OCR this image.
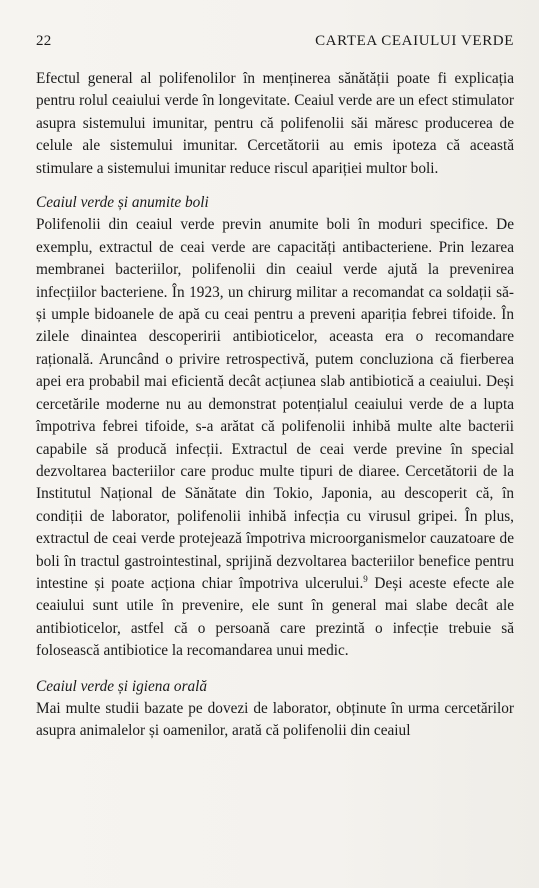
22	CARTEA CEAIULUI VERDE

Efectul general al polifenolilor în menținerea sănătății poate fi explicația pentru rolul ceaiului verde în longevitate. Ceaiul verde are un efect stimulator asupra sistemului imunitar, pentru că polifenolii săi măresc producerea de celule ale sistemului imunitar. Cercetătorii au emis ipoteza că această stimulare a sistemului imunitar reduce riscul apariției multor boli.

Ceaiul verde și anumite boli

Polifenolii din ceaiul verde previn anumite boli în moduri specifice. De exemplu, extractul de ceai verde are capacități antibacteriene. Prin lezarea membranei bacteriilor, polifenolii din ceaiul verde ajută la prevenirea infecțiilor bacteriene. În 1923, un chirurg militar a recomandat ca soldații să-și umple bidoanele de apă cu ceai pentru a preveni apariția febrei tifoide. În zilele dinaintea descoperirii antibioticelor, aceasta era o recomandare rațională. Aruncând o privire retrospectivă, putem concluziona că fierberea apei era probabil mai eficientă decât acțiunea slab antibiotică a ceaiului. Deși cercetările moderne nu au demonstrat potențialul ceaiului verde de a lupta împotriva febrei tifoide, s-a arătat că polifenolii inhibă multe alte bacterii capabile să producă infecții. Extractul de ceai verde previne în special dezvoltarea bacteriilor care produc multe tipuri de diaree. Cercetătorii de la Institutul Național de Sănătate din Tokio, Japonia, au descoperit că, în condiții de laborator, polifenolii inhibă infecția cu virusul gripei. În plus, extractul de ceai verde protejează împotriva microorganismelor cauzatoare de boli în tractul gastrointestinal, sprijină dezvoltarea bacteriilor benefice pentru intestine și poate acționa chiar împotriva ulcerului.$^9$ Deși aceste efecte ale ceaiului sunt utile în prevenire, ele sunt în general mai slabe decât ale antibioticelor, astfel că o persoană care prezintă o infecție trebuie să folosească antibiotice la recomandarea unui medic.

Ceaiul verde și igiena orală

Mai multe studii bazate pe dovezi de laborator, obținute în urma cercetărilor asupra animalelor și oamenilor, arată că polifenolii din ceaiul
